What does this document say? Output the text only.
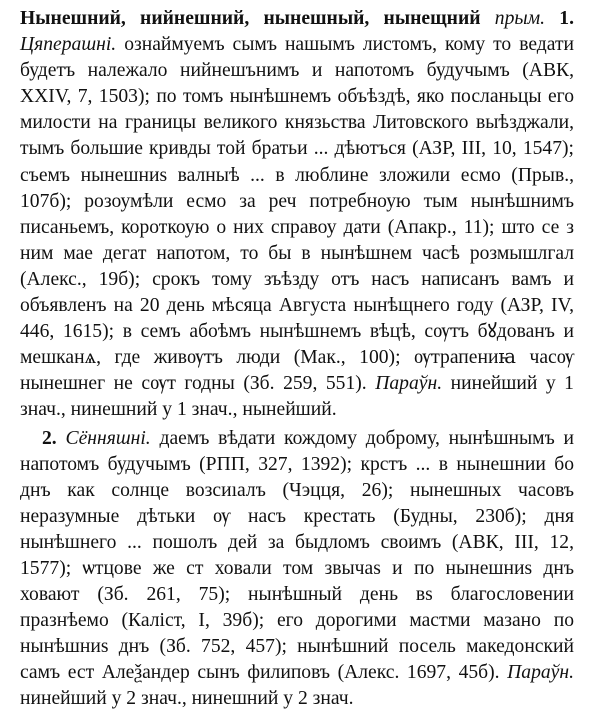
Нынешний, нийнешний, нынешный, нынещний прым. 1. Цяперашні. ознаймуемъ сымъ нашымъ листомъ, кому то ведати будетъ належало нийнешънимъ и напотомъ будучымъ (АВК, XXIV, 7, 1503); по томъ нынѣшнемъ объѣздѣ, яко посланьцы его милости на границы великого князьства Литовского выѣзджали, тымъ большие кривды той братьи ... дѣютъся (АЗР, III, 10, 1547); съемъ нынешниs валныѣ ... в люблине зложили есмо (Прыв., 107б); розоумѣли есмо за реч потребноую тым нынѣшнимъ писаньемъ, короткоую о них справоу дати (Апакр., 11); што се з ним мае дегат напотом, то бы в нынѣшнем часѣ розмышлгал (Алекс., 19б); срокъ тому зъѣзду отъ насъ написанъ вамъ и объявленъ на 20 день мѣсяца Августа нынѣщнего году (АЗР, IV, 446, 1615); в семъ абоѣмъ нынѣшнемъ вѣцѣ, сѹтъ бꙋдованъ и мешканѧ, где живѹтъ люди (Мак., 100); ѹтрапениꙗ часѹ нынешнег не сѹт годны (Зб. 259, 551). Параўн. нинейший у 1 знач., нинешний у 1 знач., нынейший.

2. Сённяшні. даемъ вѣдати кождому доброму, нынѣшнымъ и напотомъ будучымъ (РПП, 327, 1392); крстъ ... в нынешнии бо днъ как солнце возсиıалъ (Чэцця, 26); нынешных часовъ неразумные дѣтьки ѹ насъ крестать (Будны, 230б); дня нынѣшнего ... пошолъ дей за быдломъ своимъ (АВК, III, 12, 1577); ѡтцове же ст ховали том звычаs и по нынешниs днъ ховают (Зб. 261, 75); нынѣшный день вs благословении празнѣемо (Каліст, I, 39б); его дорогими мастми мазано по нынѣшниs днъ (Зб. 752, 457); нынѣшний посель македонский самъ ест Алеѯандер сынъ филиповъ (Алекс. 1697, 45б). Параўн. нинейший у 2 знач., нинешний у 2 знач.
